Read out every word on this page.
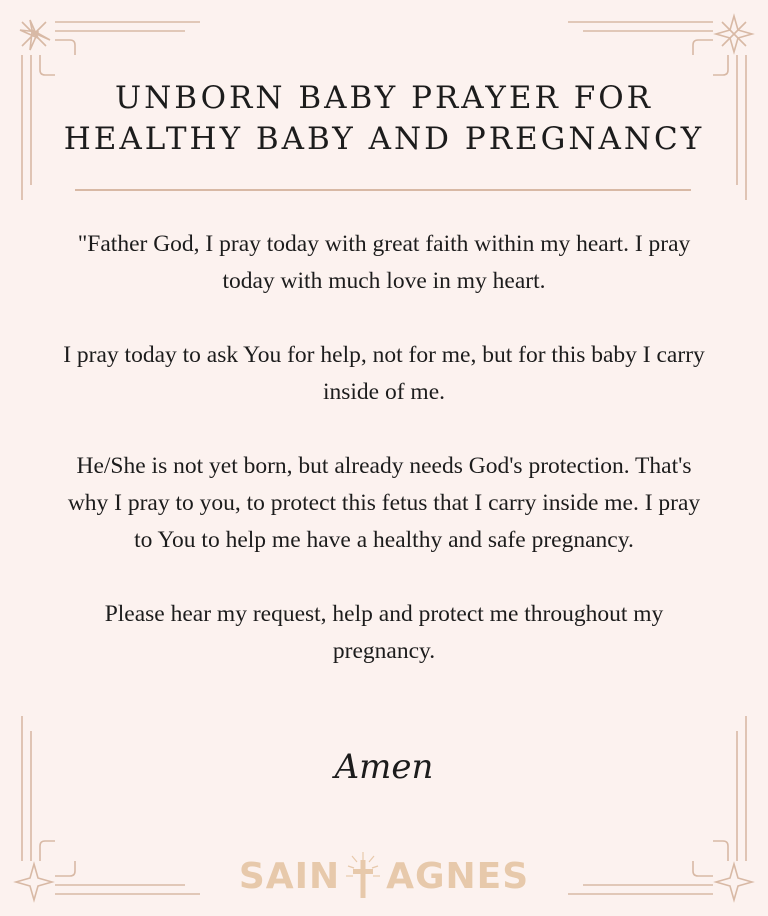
UNBORN BABY PRAYER FOR
HEALTHY BABY AND PREGNANCY

"Father God, I pray today with great faith within my heart. I pray today with much love in my heart.

I pray today to ask You for help, not for me, but for this baby I carry inside of me.

He/She is not yet born, but already needs God's protection. That's why I pray to you, to protect this fetus that I carry inside me. I pray to You to help me have a healthy and safe pregnancy.

Please hear my request, help and protect me throughout my pregnancy.

Amen
SAIN AGNES
